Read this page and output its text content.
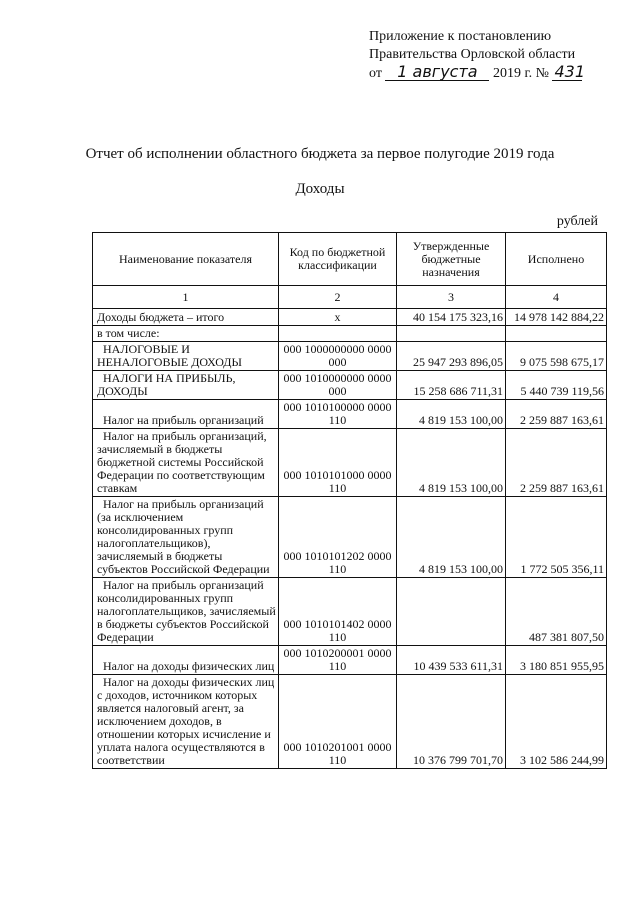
Приложение к постановлению
Правительства Орловской области
от 1 августа 2019 г. № 431
Отчет об исполнении областного бюджета за первое полугодие 2019 года
Доходы
рублей
Наименование показателя	Код по бюджетной классификации	Утвержденные бюджетные назначения	Исполнено
1	2	3	4
Доходы бюджета – итого	x	40 154 175 323,16	14 978 142 884,22
в том числе:			
НАЛОГОВЫЕ И НЕНАЛОГОВЫЕ ДОХОДЫ	000 1000000000 0000 000	25 947 293 896,05	9 075 598 675,17
НАЛОГИ НА ПРИБЫЛЬ, ДОХОДЫ	000 1010000000 0000 000	15 258 686 711,31	5 440 739 119,56
Налог на прибыль организаций	000 1010100000 0000 110	4 819 153 100,00	2 259 887 163,61
Налог на прибыль организаций, зачисляемый в бюджеты бюджетной системы Российской Федерации по соответствующим ставкам	000 1010101000 0000 110	4 819 153 100,00	2 259 887 163,61
Налог на прибыль организаций (за исключением консолидированных групп налогоплательщиков), зачисляемый в бюджеты субъектов Российской Федерации	000 1010101202 0000 110	4 819 153 100,00	1 772 505 356,11
Налог на прибыль организаций консолидированных групп налогоплательщиков, зачисляемый в бюджеты субъектов Российской Федерации	000 1010101402 0000 110		487 381 807,50
Налог на доходы физических лиц	000 1010200001 0000 110	10 439 533 611,31	3 180 851 955,95
Налог на доходы физических лиц с доходов, источником которых является налоговый агент, за исключением доходов, в отношении которых исчисление и уплата налога осуществляются в соответствии	000 1010201001 0000 110	10 376 799 701,70	3 102 586 244,99
